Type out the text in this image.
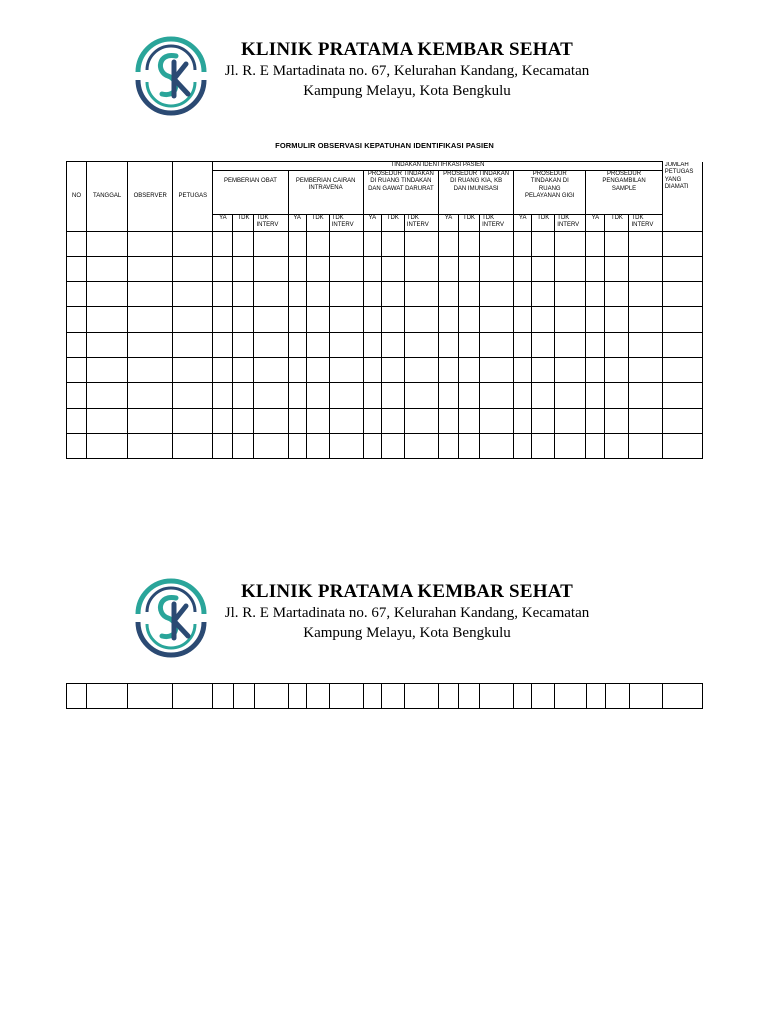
KLINIK PRATAMA KEMBAR SEHAT
Jl. R. E Martadinata no. 67, Kelurahan Kandang, Kecamatan
Kampung Melayu, Kota Bengkulu
FORMULIR OBSERVASI KEPATUHAN IDENTIFIKASI PASIEN
NO	TANGGAL	OBSERVER	PETUGAS	TINDAKAN IDENTIFIKASI PASIEN																		JUMLAH PETUGAS YANG DIAMATI
				PEMBERIAN OBAT			PEMBERIAN CAIRAN INTRAVENA			PROSEDUR TINDAKAN DI RUANG TINDAKAN DAN GAWAT DARURAT			PROSEDUR TINDAKAN DI RUANG KIA, KB DAN IMUNISASI			PROSEDUR TINDAKAN DI RUANG PELAYANAN GIGI			PROSEDUR PENGAMBILAN SAMPLE			
				YA	TDK	TDK INTERV	YA	TDK	TDK INTERV	YA	TDK	TDK INTERV	YA	TDK	TDK INTERV	YA	TDK	TDK INTERV	YA	TDK	TDK INTERV	

KLINIK PRATAMA KEMBAR SEHAT
Jl. R. E Martadinata no. 67, Kelurahan Kandang, Kecamatan
Kampung Melayu, Kota Bengkulu
